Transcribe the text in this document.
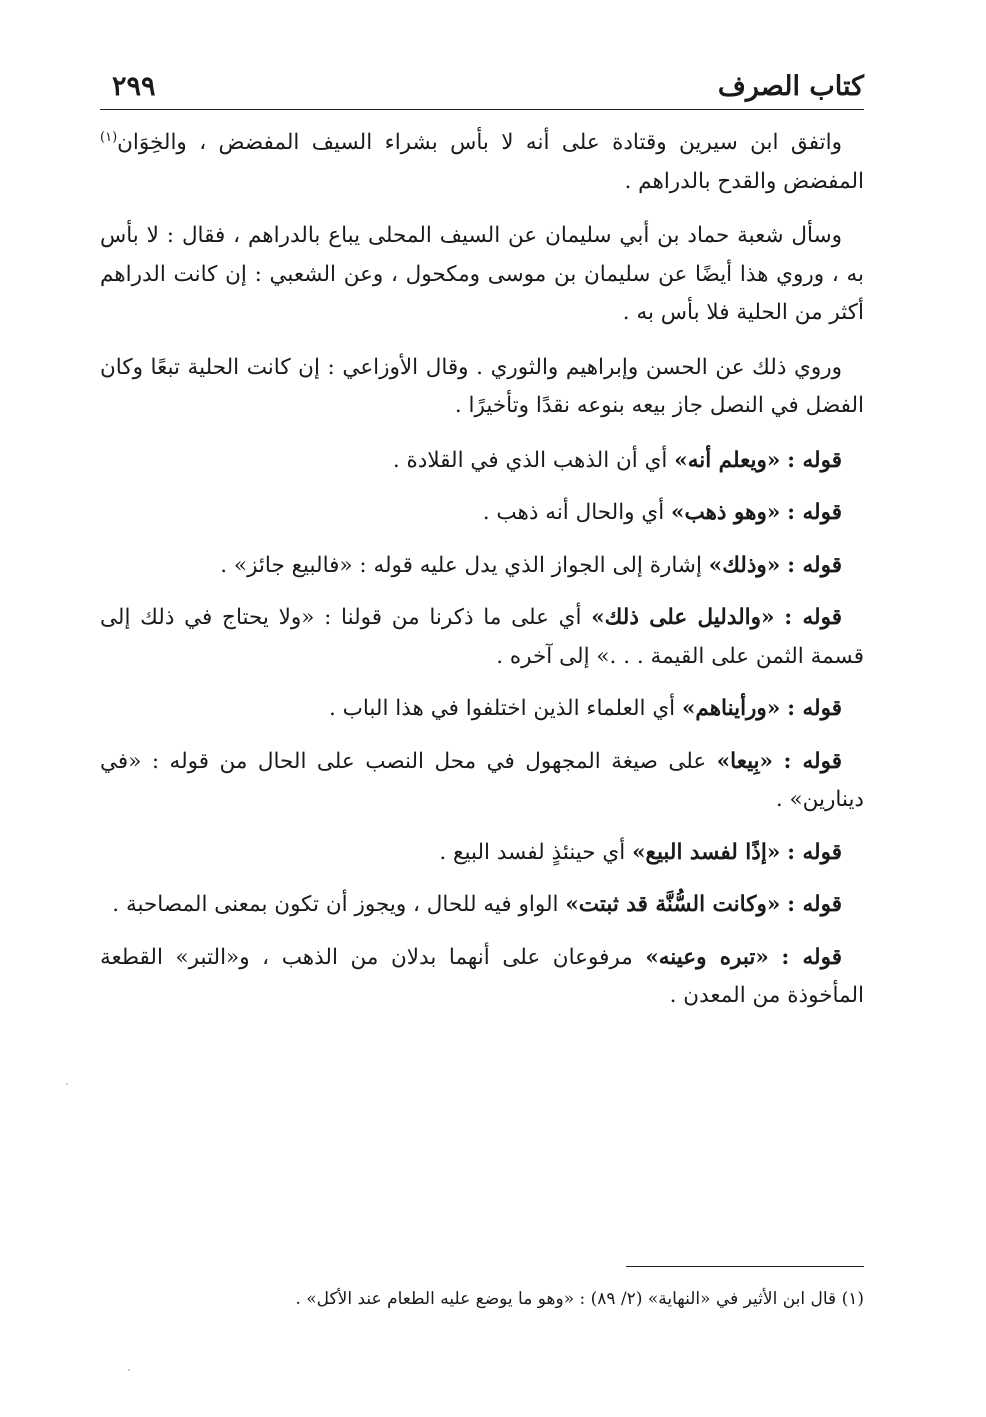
كتاب الصرف
٢٩٩

واتفق ابن سيرين وقتادة على أنه لا بأس بشراء السيف المفضض ، والخِوَان$^{(١)}$ المفضض والقدح بالدراهم .

وسأل شعبة حماد بن أبي سليمان عن السيف المحلى يباع بالدراهم ، فقال : لا بأس به ، وروي هذا أيضًا عن سليمان بن موسى ومكحول ، وعن الشعبي : إن كانت الدراهم أكثر من الحلية فلا بأس به .

وروي ذلك عن الحسن وإبراهيم والثوري . وقال الأوزاعي : إن كانت الحلية تبعًا وكان الفضل في النصل جاز بيعه بنوعه نقدًا وتأخيرًا .

قوله : «ويعلم أنه» أي أن الذهب الذي في القلادة .

قوله : «وهو ذهب» أي والحال أنه ذهب .

قوله : «وذلك» إشارة إلى الجواز الذي يدل عليه قوله : «فالبيع جائز» .

قوله : «والدليل على ذلك» أي على ما ذكرنا من قولنا : «ولا يحتاج في ذلك إلى قسمة الثمن على القيمة . . .» إلى آخره .

قوله : «ورأيناهم» أي العلماء الذين اختلفوا في هذا الباب .

قوله : «بِيعا» على صيغة المجهول في محل النصب على الحال من قوله : «في دينارين» .

قوله : «إذًا لفسد البيع» أي حينئذٍ لفسد البيع .

قوله : «وكانت السُّنَّة قد ثبتت» الواو فيه للحال ، ويجوز أن تكون بمعنى المصاحبة .

قوله : «تبره وعينه» مرفوعان على أنهما بدلان من الذهب ، و«التبر» القطعة المأخوذة من المعدن .

(١) قال ابن الأثير في «النهاية» (٢/ ٨٩) : «وهو ما يوضع عليه الطعام عند الأكل» .
